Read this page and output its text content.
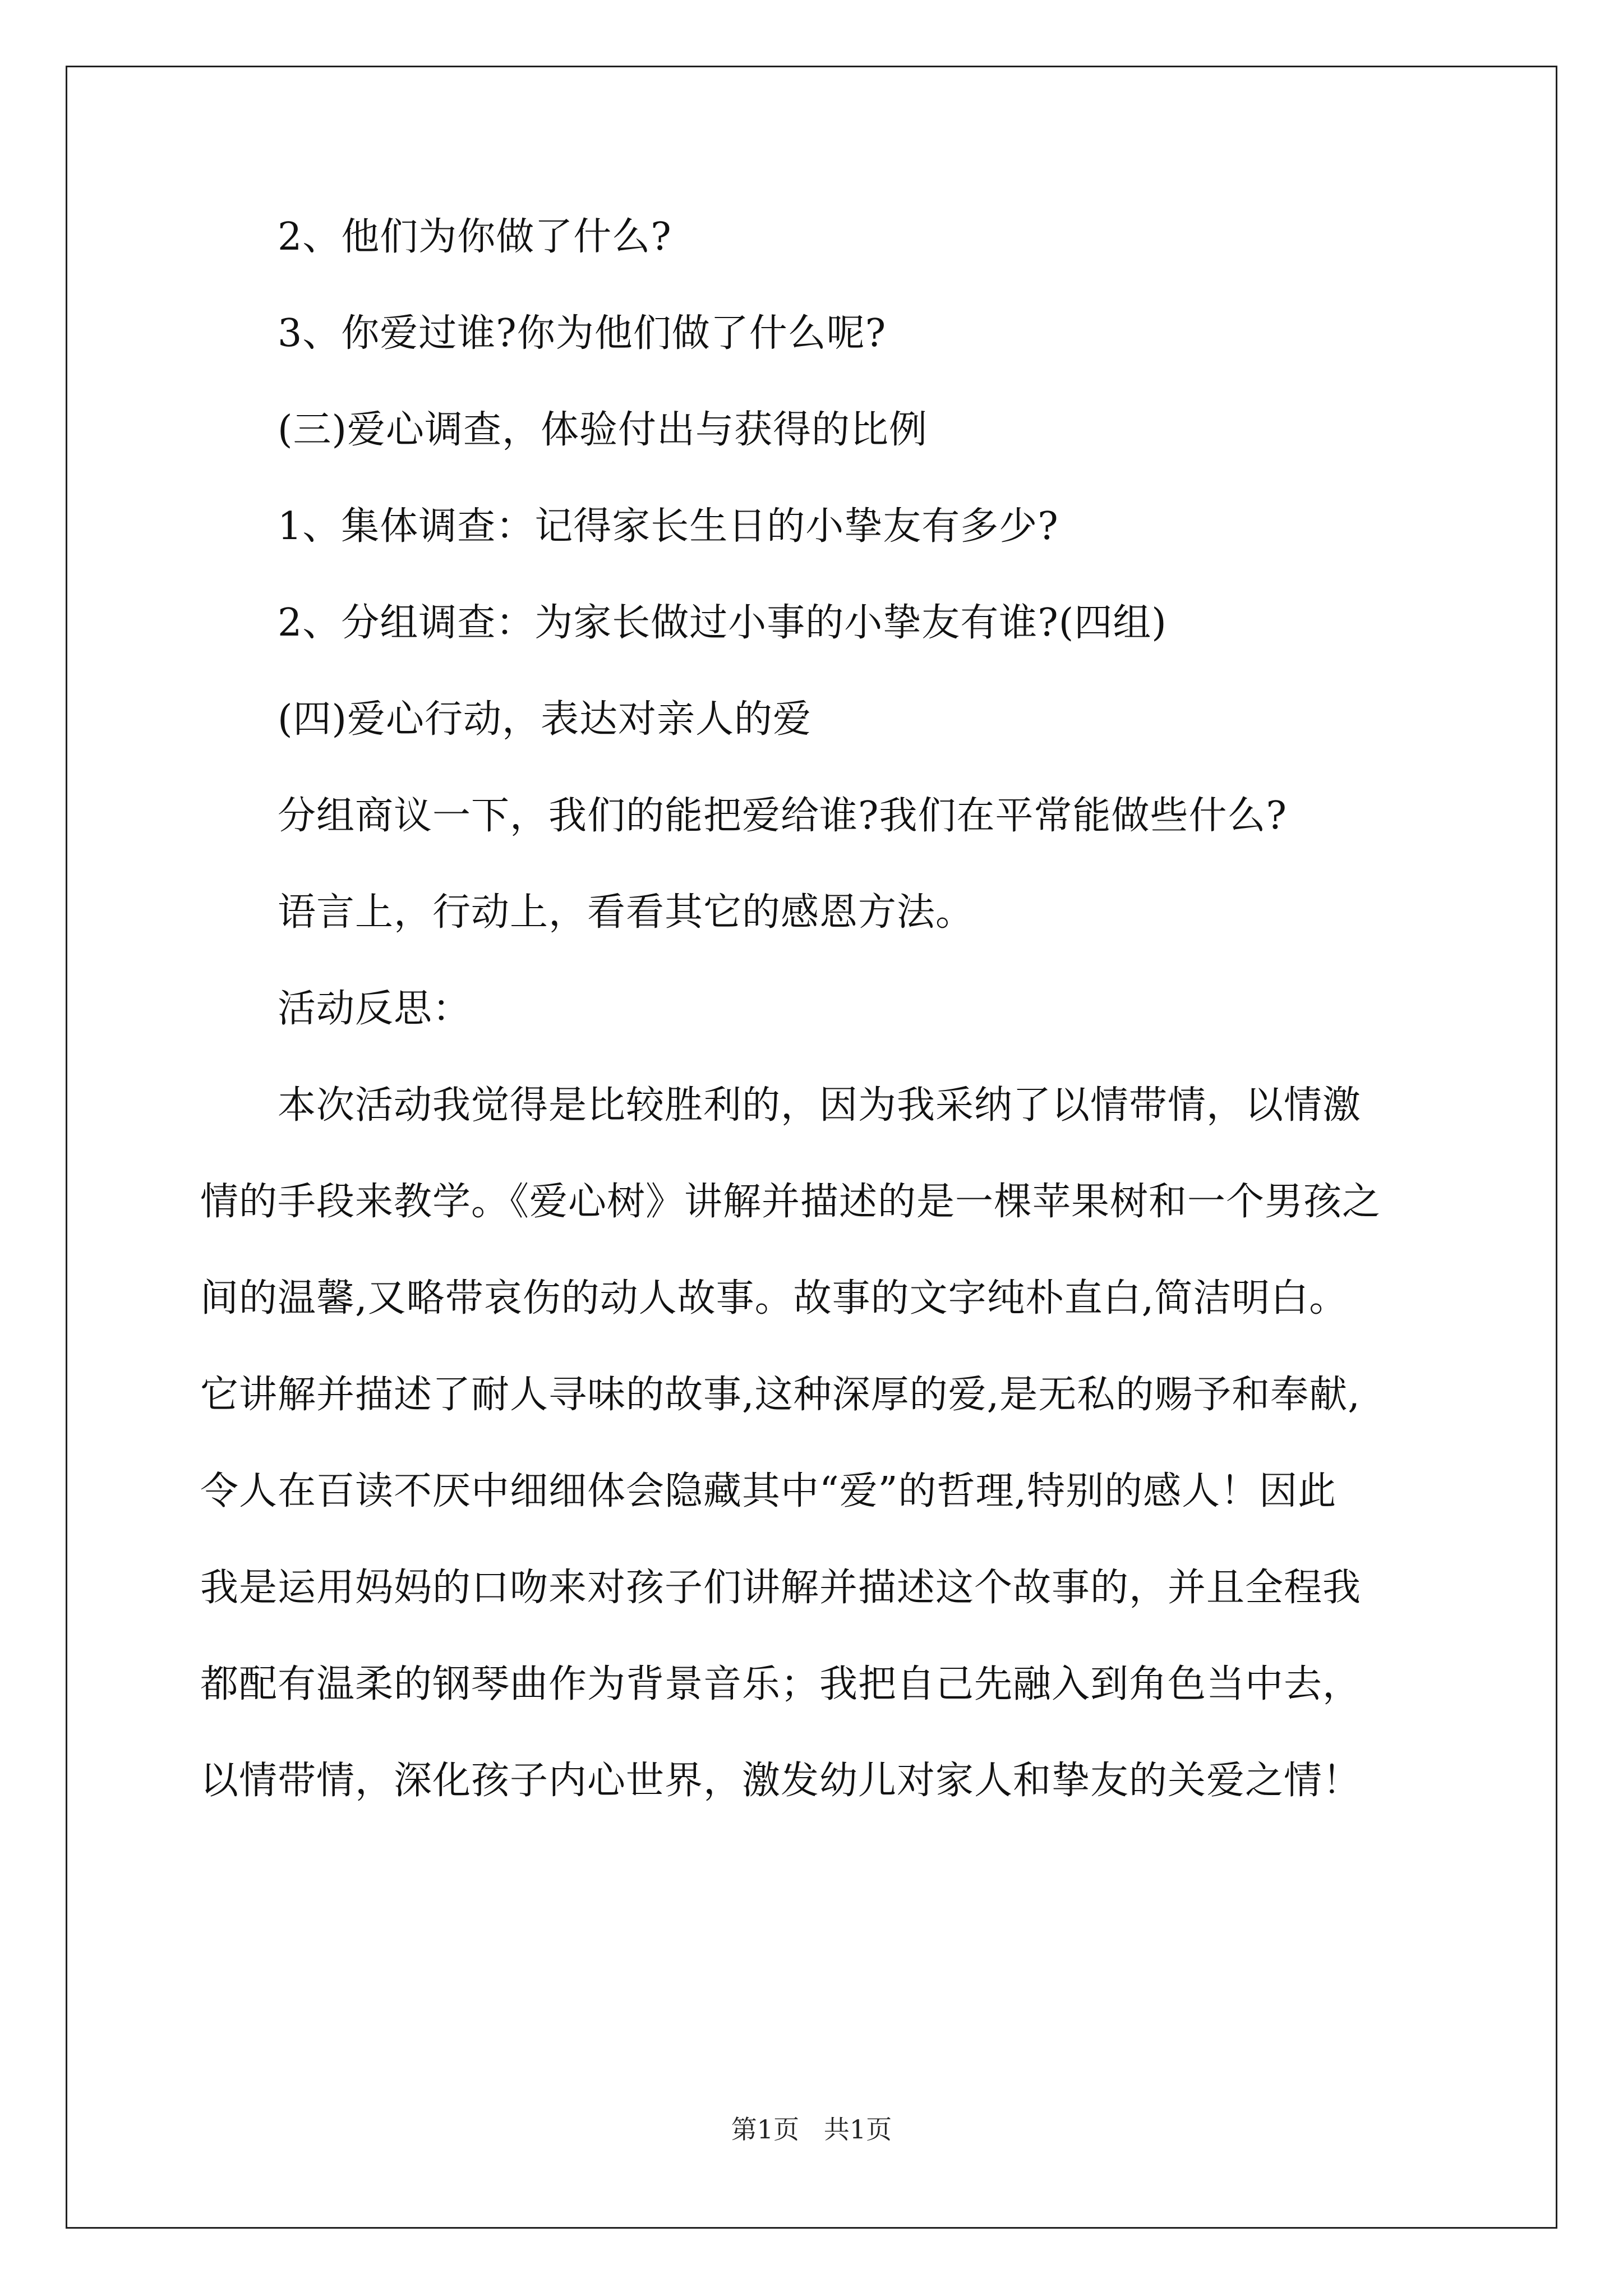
2、他们为你做了什么?
3、你爱过谁?你为他们做了什么呢?
(三)爱心调查，体验付出与获得的比例
1、集体调查：记得家长生日的小挚友有多少?
2、分组调查：为家长做过小事的小挚友有谁?(四组)
(四)爱心行动，表达对亲人的爱
分组商议一下，我们的能把爱给谁?我们在平常能做些什么?
语言上，行动上，看看其它的感恩方法。
活动反思：
本次活动我觉得是比较胜利的，因为我采纳了以情带情，以情激
情的手段来教学。《爱心树》讲解并描述的是一棵苹果树和一个男孩之
间的温馨,又略带哀伤的动人故事。故事的文字纯朴直白,简洁明白。
它讲解并描述了耐人寻味的故事,这种深厚的爱,是无私的赐予和奉献,
令人在百读不厌中细细体会隐藏其中“爱”的哲理,特别的感人！因此
我是运用妈妈的口吻来对孩子们讲解并描述这个故事的，并且全程我
都配有温柔的钢琴曲作为背景音乐；我把自己先融入到角色当中去，
以情带情，深化孩子内心世界，激发幼儿对家人和挚友的关爱之情！
第1页   共1页
